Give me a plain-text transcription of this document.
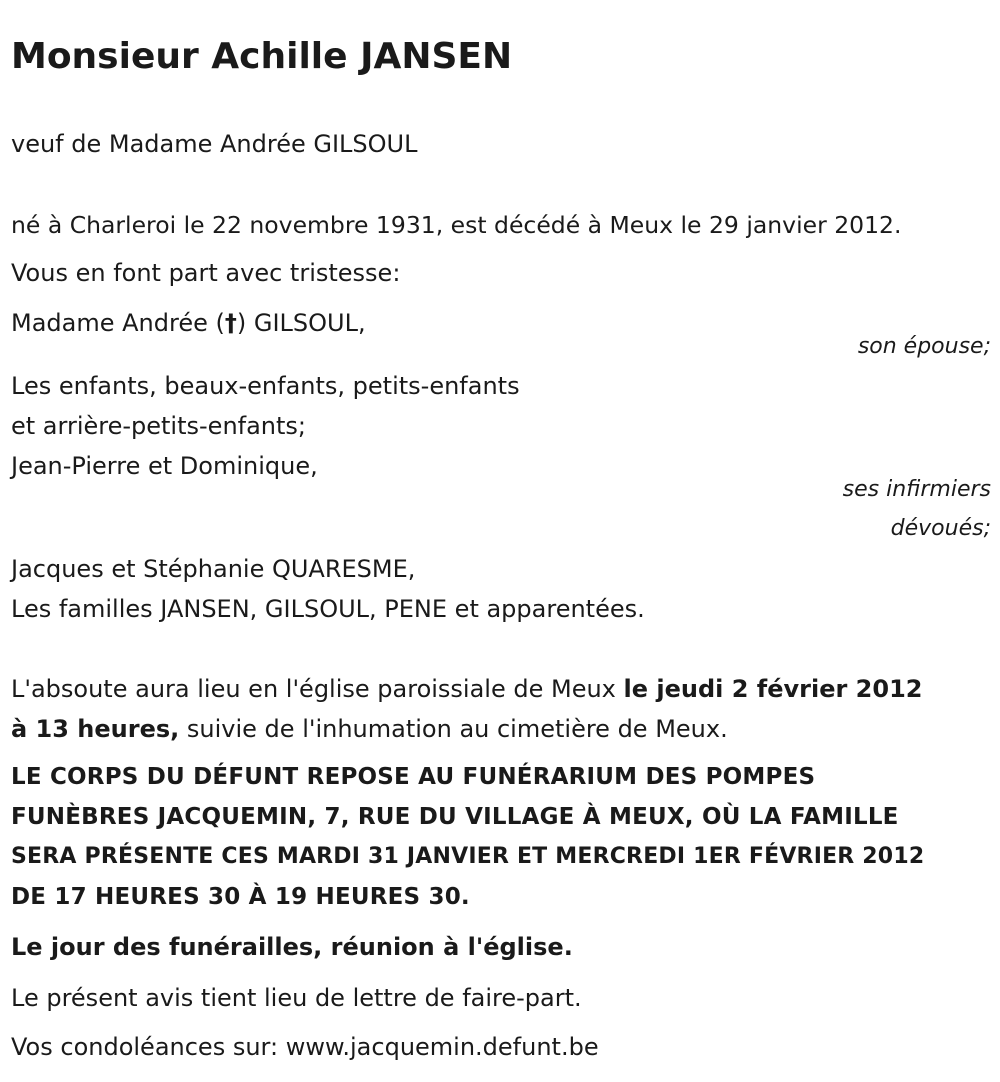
Monsieur Achille JANSEN
veuf de Madame Andrée GILSOUL
né à Charleroi le 22 novembre 1931, est décédé à Meux le 29 janvier 2012.
Vous en font part avec tristesse:
Madame Andrée (†) GILSOUL,
son épouse;
Les enfants, beaux-enfants, petits-enfants
et arrière-petits-enfants;
Jean-Pierre et Dominique,
ses infirmiers
dévoués;
Jacques et Stéphanie QUARESME,
Les familles JANSEN, GILSOUL, PENE et apparentées.
L'absoute aura lieu en l'église paroissiale de Meux le jeudi 2 février 2012
à 13 heures, suivie de l'inhumation au cimetière de Meux.
LE CORPS DU DÉFUNT REPOSE AU FUNÉRARIUM DES POMPES
FUNÈBRES JACQUEMIN, 7, RUE DU VILLAGE À MEUX, OÙ LA FAMILLE
SERA PRÉSENTE CES MARDI 31 JANVIER ET MERCREDI 1ER FÉVRIER 2012
DE 17 HEURES 30 À 19 HEURES 30.
Le jour des funérailles, réunion à l'église.
Le présent avis tient lieu de lettre de faire-part.
Vos condoléances sur: www.jacquemin.defunt.be
